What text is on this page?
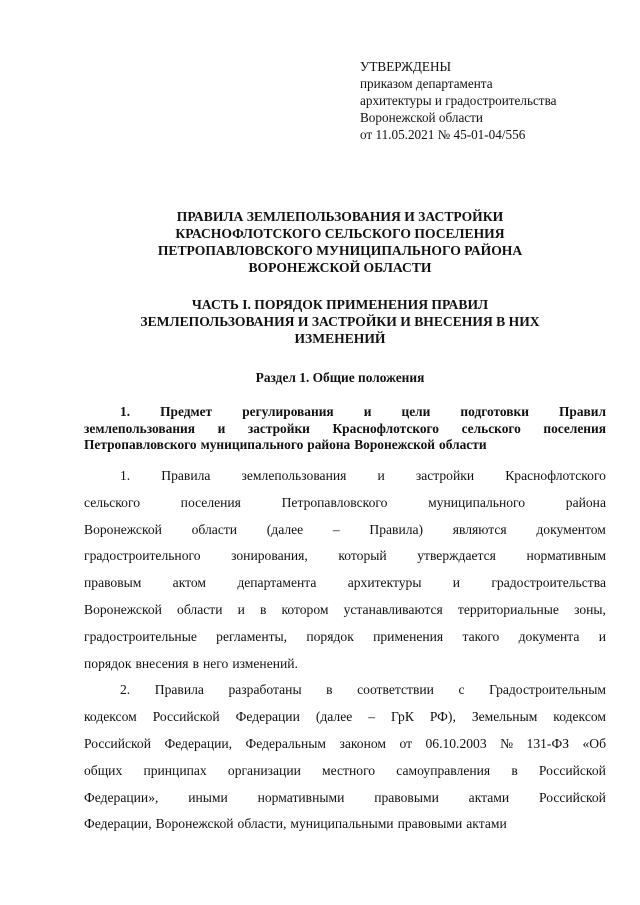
УТВЕРЖДЕНЫ
приказом департамента
архитектуры и градостроительства
Воронежской области
от 11.05.2021 № 45-01-04/556
ПРАВИЛА ЗЕМЛЕПОЛЬЗОВАНИЯ И ЗАСТРОЙКИ
КРАСНОФЛОТСКОГО СЕЛЬСКОГО ПОСЕЛЕНИЯ
ПЕТРОПАВЛОВСКОГО МУНИЦИПАЛЬНОГО РАЙОНА
ВОРОНЕЖСКОЙ ОБЛАСТИ
ЧАСТЬ I. ПОРЯДОК ПРИМЕНЕНИЯ ПРАВИЛ
ЗЕМЛЕПОЛЬЗОВАНИЯ И ЗАСТРОЙКИ И ВНЕСЕНИЯ В НИХ
ИЗМЕНЕНИЙ
Раздел 1. Общие положения
1. Предмет регулирования и цели подготовки Правил
землепользования и застройки Краснофлотского сельского поселения
Петропавловского муниципального района Воронежской области
1. Правила землепользования и застройки Краснофлотского
сельского	поселения	Петропавловского	муниципального	района
Воронежской области (далее – Правила) являются документом
градостроительного зонирования, который утверждается нормативным
правовым актом департамента архитектуры и градостроительства
Воронежской области и в котором устанавливаются территориальные зоны,
градостроительные регламенты, порядок применения такого документа и
порядок внесения в него изменений.
2. Правила разработаны в соответствии с Градостроительным
кодексом Российской Федерации (далее – ГрК РФ), Земельным кодексом
Российской Федерации, Федеральным законом от 06.10.2003 № 131-ФЗ «Об
общих принципах организации местного самоуправления в Российской
Федерации», иными нормативными правовыми актами Российской
Федерации, Воронежской области, муниципальными правовыми актами
